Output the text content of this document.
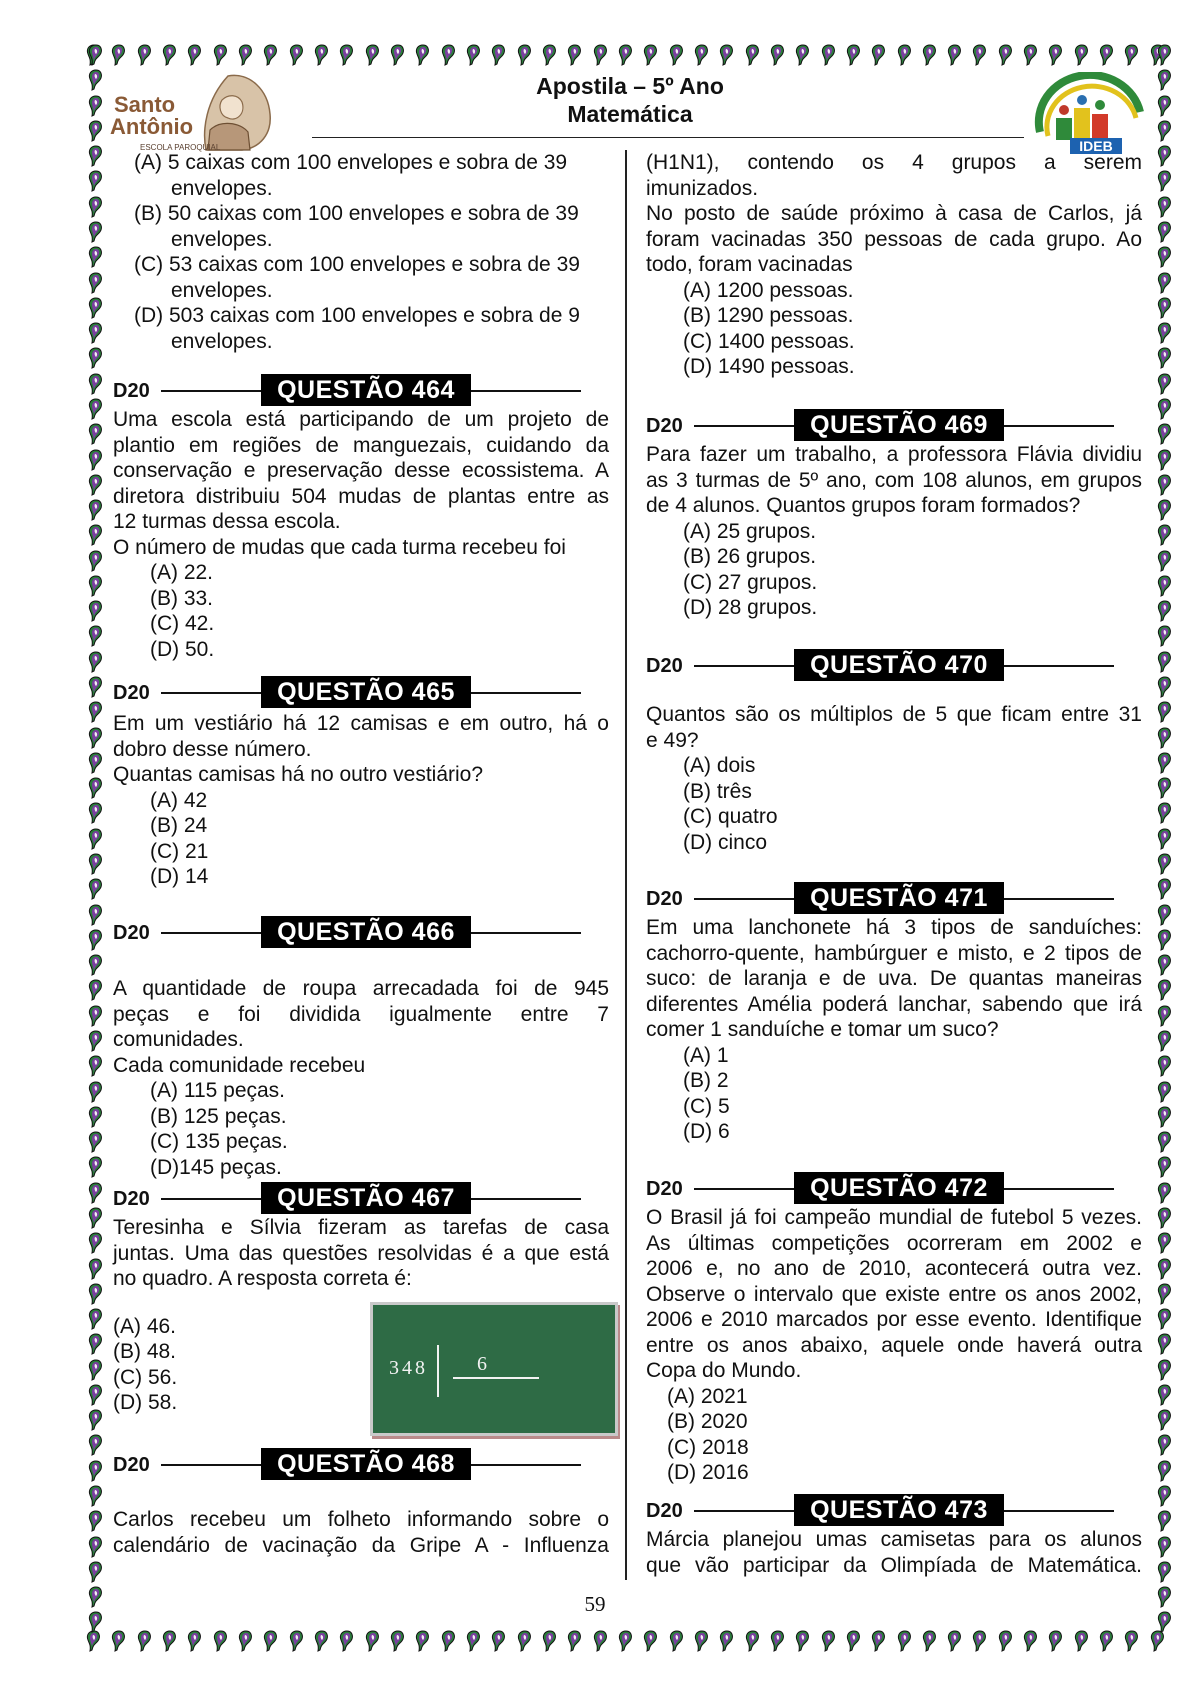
Santo
Antônio
ESCOLA PAROQUIAL
Apostila – 5º Ano
Matemática
IDEB
(A) 5 caixas com 100 envelopes e sobra de 39
envelopes.
(B) 50 caixas com 100 envelopes e sobra de 39
envelopes.
(C) 53 caixas com 100 envelopes e sobra de 39
envelopes.
(D) 503 caixas com 100 envelopes e sobra de 9
envelopes.
D20	QUESTÃO 464
Uma escola está participando de um projeto de
plantio em regiões de manguezais, cuidando da
conservação e preservação desse ecossistema. A
diretora distribuiu 504 mudas de plantas entre as
12 turmas dessa escola.
O número de mudas que cada turma recebeu foi
(A) 22.
(B) 33.
(C) 42.
(D) 50.
D20	QUESTÃO 465
Em um vestiário há 12 camisas e em outro, há o
dobro desse número.
Quantas camisas há no outro vestiário?
(A) 42
(B) 24
(C) 21
(D) 14
D20	QUESTÃO 466
A quantidade de roupa arrecadada foi de 945
peças e foi dividida igualmente entre 7
comunidades.
Cada comunidade recebeu
(A) 115 peças.
(B) 125 peças.
(C) 135 peças.
(D)145 peças.
D20	QUESTÃO 467
Teresinha e Sílvia fizeram as tarefas de casa
juntas. Uma das questões resolvidas é a que está
no quadro. A resposta correta é:
(A) 46.
(B) 48.
(C) 56.
(D) 58.
348 6
D20	QUESTÃO 468
Carlos recebeu um folheto informando sobre o
calendário de vacinação da Gripe A - Influenza
(H1N1), contendo os 4 grupos a serem
imunizados.
No posto de saúde próximo à casa de Carlos, já
foram vacinadas 350 pessoas de cada grupo. Ao
todo, foram vacinadas
(A) 1200 pessoas.
(B) 1290 pessoas.
(C) 1400 pessoas.
(D) 1490 pessoas.
D20	QUESTÃO 469
Para fazer um trabalho, a professora Flávia dividiu
as 3 turmas de 5º ano, com 108 alunos, em grupos
de 4 alunos. Quantos grupos foram formados?
(A) 25 grupos.
(B) 26 grupos.
(C) 27 grupos.
(D) 28 grupos.
D20	QUESTÃO 470
Quantos são os múltiplos de 5 que ficam entre 31
e 49?
(A) dois
(B) três
(C) quatro
(D) cinco
D20	QUESTÃO 471
Em uma lanchonete há 3 tipos de sanduíches:
cachorro-quente, hambúrguer e misto, e 2 tipos de
suco: de laranja e de uva. De quantas maneiras
diferentes Amélia poderá lanchar, sabendo que irá
comer 1 sanduíche e tomar um suco?
(A) 1
(B) 2
(C) 5
(D) 6
D20	QUESTÃO 472
O Brasil já foi campeão mundial de futebol 5 vezes.
As últimas competições ocorreram em 2002 e
2006 e, no ano de 2010, acontecerá outra vez.
Observe o intervalo que existe entre os anos 2002,
2006 e 2010 marcados por esse evento. Identifique
entre os anos abaixo, aquele onde haverá outra
Copa do Mundo.
(A) 2021
(B) 2020
(C) 2018
(D) 2016
D20	QUESTÃO 473
Márcia planejou umas camisetas para os alunos
que vão participar da Olimpíada de Matemática.
59
